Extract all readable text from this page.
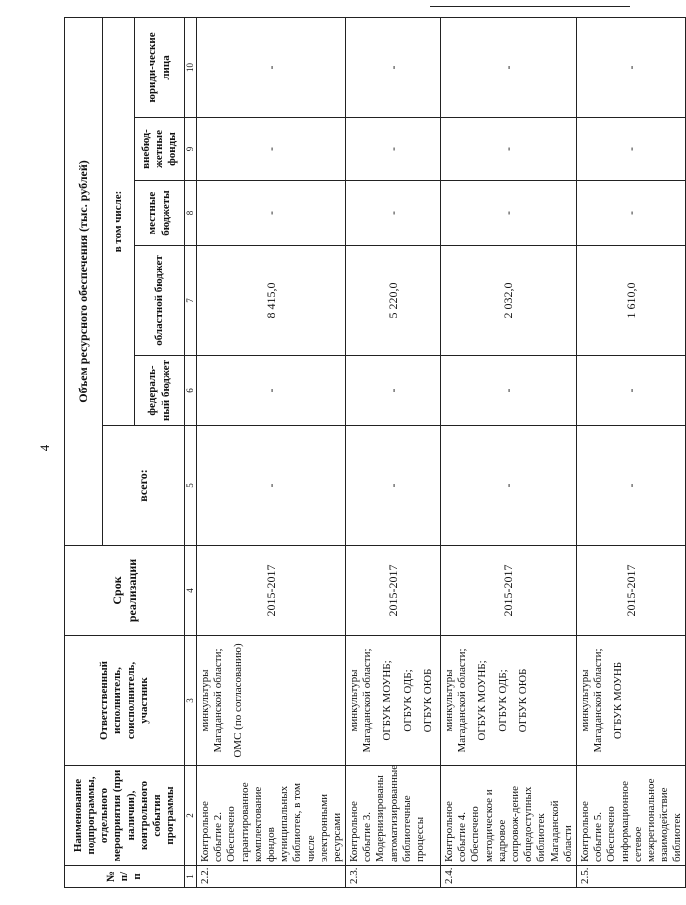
4
№ п/п	Наименование подпрограммы, отдельного мероприятия (при наличии), контрольного события программы	Ответственный исполнитель, соисполнитель, участник	Срок реализации	Объем ресурсного обеспечения (тыс. рублей)					
				всего:	в том числе:				
					федераль-ный бюджет	областной бюджет	местные бюджеты	внебюд-жетные фонды	юриди-ческие лица
1	2	3	4	5	6	7	8	9	10
2.2.	Контрольное событие 2. Обеспечено гарантированное комплектование фондов муниципальных библиотек, в том числе электронными ресурсами	минкультуры Магаданской области; ОМС (по согласованию)	2015-2017	-	-	8 415,0	-	-	-
2.3.	Контрольное событие 3. Модернизированы автоматизированные библиотечные процессы	минкультуры Магаданской области; ОГБУК МОУНБ; ОГБУК ОДБ; ОГБУК ОЮБ	2015-2017	-	-	5 220,0	-	-	-
2.4.	Контрольное событие 4. Обеспечено методическое и кадровое сопровож-дение общедоступных библиотек Магаданской области	минкультуры Магаданской области; ОГБУК МОУНБ; ОГБУК ОДБ; ОГБУК ОЮБ	2015-2017	-	-	2 032,0	-	-	-
2.5.	Контрольное событие 5. Обеспечено информационное сетевое межрегиональное взаимодействие библиотек	минкультуры Магаданской области; ОГБУК МОУНБ	2015-2017	-	-	1 610,0	-	-	-
